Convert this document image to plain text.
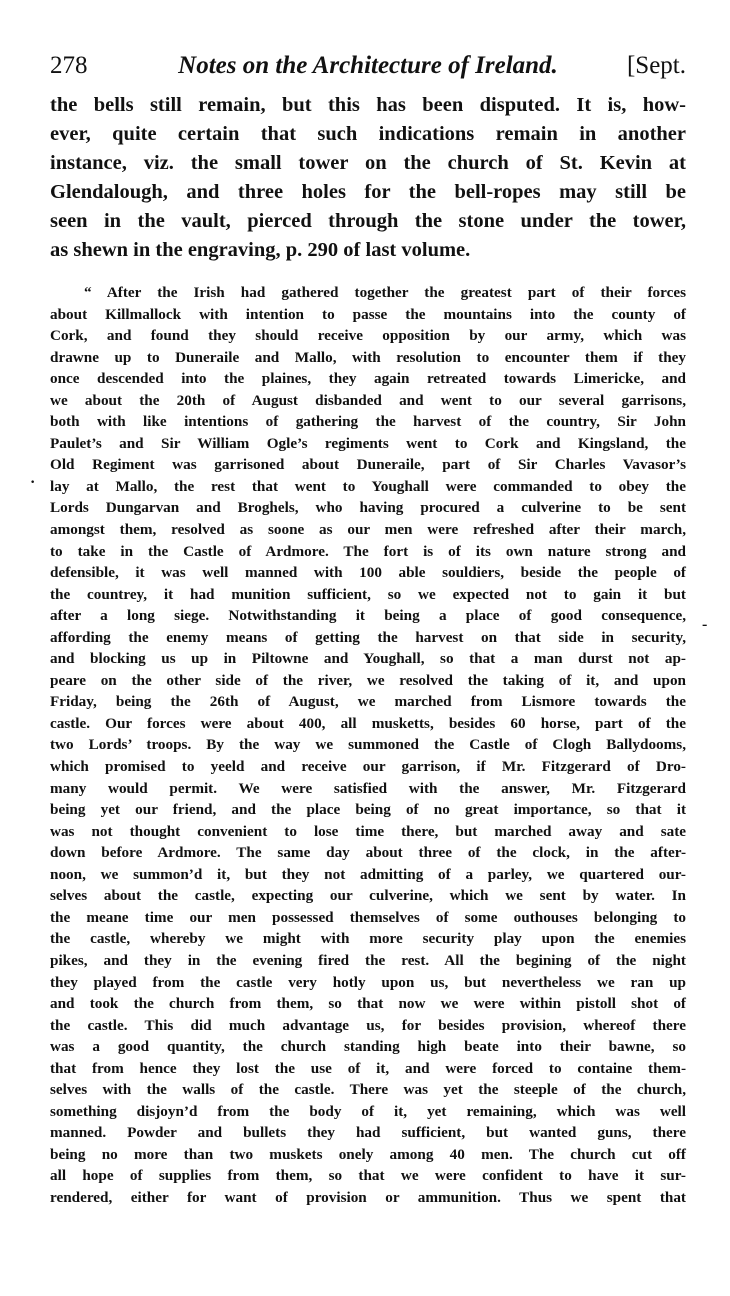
278	Notes on the Architecture of Ireland.	[Sept.
the bells still remain, but this has been disputed. It is, how-
ever, quite certain that such indications remain in another
instance, viz. the small tower on the church of St. Kevin at
Glendalough, and three holes for the bell-ropes may still be
seen in the vault, pierced through the stone under the tower,
as shewn in the engraving, p. 290 of last volume.
“ After the Irish had gathered together the greatest part of their forces
about Killmallock with intention to passe the mountains into the county of
Cork, and found they should receive opposition by our army, which was
drawne up to Duneraile and Mallo, with resolution to encounter them if they
once descended into the plaines, they again retreated towards Limericke, and
we about the 20th of August disbanded and went to our several garrisons,
both with like intentions of gathering the harvest of the country, Sir John
Paulet’s and Sir William Ogle’s regiments went to Cork and Kingsland, the
Old Regiment was garrisoned about Duneraile, part of Sir Charles Vavasor’s
lay at Mallo, the rest that went to Youghall were commanded to obey the
Lords Dungarvan and Broghels, who having procured a culverine to be sent
amongst them, resolved as soone as our men were refreshed after their march,
to take in the Castle of Ardmore. The fort is of its own nature strong and
defensible, it was well manned with 100 able souldiers, beside the people of
the countrey, it had munition sufficient, so we expected not to gain it but
after a long siege. Notwithstanding it being a place of good consequence,
affording the enemy means of getting the harvest on that side in security,
and blocking us up in Piltowne and Youghall, so that a man durst not ap-
peare on the other side of the river, we resolved the taking of it, and upon
Friday, being the 26th of August, we marched from Lismore towards the
castle. Our forces were about 400, all musketts, besides 60 horse, part of the
two Lords’ troops. By the way we summoned the Castle of Clogh Ballydooms,
which promised to yeeld and receive our garrison, if Mr. Fitzgerard of Dro-
many would permit. We were satisfied with the answer, Mr. Fitzgerard
being yet our friend, and the place being of no great importance, so that it
was not thought convenient to lose time there, but marched away and sate
down before Ardmore. The same day about three of the clock, in the after-
noon, we summon’d it, but they not admitting of a parley, we quartered our-
selves about the castle, expecting our culverine, which we sent by water. In
the meane time our men possessed themselves of some outhouses belonging to
the castle, whereby we might with more security play upon the enemies
pikes, and they in the evening fired the rest. All the begining of the night
they played from the castle very hotly upon us, but nevertheless we ran up
and took the church from them, so that now we were within pistoll shot of
the castle. This did much advantage us, for besides provision, whereof there
was a good quantity, the church standing high beate into their bawne, so
that from hence they lost the use of it, and were forced to containe them-
selves with the walls of the castle. There was yet the steeple of the church,
something disjoyn’d from the body of it, yet remaining, which was well
manned. Powder and bullets they had sufficient, but wanted guns, there
being no more than two muskets onely among 40 men. The church cut off
all hope of supplies from them, so that we were confident to have it sur-
rendered, either for want of provision or ammunition. Thus we spent that
·
-
